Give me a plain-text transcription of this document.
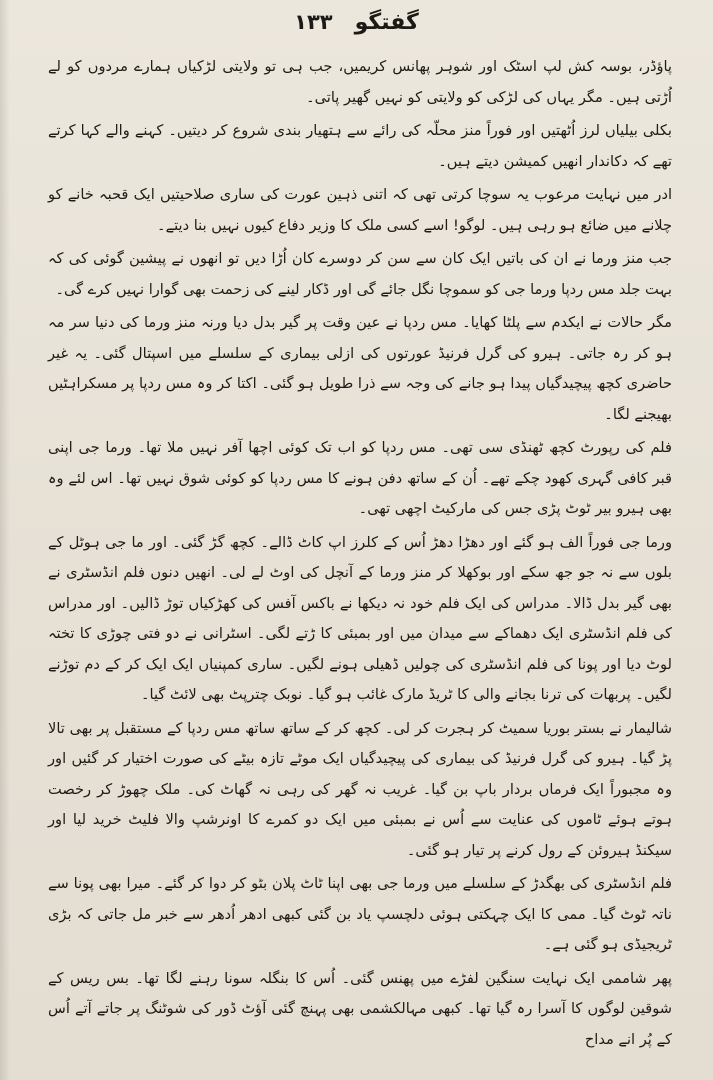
گفتگو
۱۳۳

پاؤڈر، بوسہ کش لپ اسٹک اور شوہر پھانس کریمیں، جب ہی تو ولایتی لڑکیاں ہمارے مردوں کو لے اُڑتی ہیں۔ مگر یہاں کی لڑکی کو ولایتی کو نہیں گھیر پاتی۔

بکلی بیلیاں لرز اُٹھتیں اور فوراً منز محلّہ کی رائے سے ہتھیار بندی شروع کر دیتیں۔ کہنے والے کہا کرتے تھے کہ دکاندار انھیں کمیشن دیتے ہیں۔

ادر میں نہایت مرعوب یہ سوچا کرتی تھی کہ اتنی ذہین عورت کی ساری صلاحیتیں ایک قحبہ خانے کو چلانے میں ضائع ہو رہی ہیں۔ لوگو! اسے کسی ملک کا وزیر دفاع کیوں نہیں بنا دیتے۔

جب منز ورما نے ان کی باتیں ایک کان سے سن کر دوسرے کان اُڑا دیں تو انھوں نے پیشین گوئی کی کہ بہت جلد مس ردپا ورما جی کو سموچا نگل جائے گی اور ڈکار لینے کی زحمت بھی گوارا نہیں کرے گی۔

مگر حالات نے ایکدم سے پلٹا کھایا۔ مس ردپا نے عین وقت پر گیر بدل دیا ورنہ منز ورما کی دنیا سر مہ ہو کر رہ جاتی۔ ہیرو کی گرل فرنیڈ عورتوں کی ازلی بیماری کے سلسلے میں اسپتال گئی۔ یہ غیر حاضری کچھ پیچیدگیاں پیدا ہو جانے کی وجہ سے ذرا طویل ہو گئی۔ اکتا کر وہ مس ردپا پر مسکراہٹیں بھیجنے لگا۔

فلم کی رپورٹ کچھ ٹھنڈی سی تھی۔ مس ردپا کو اب تک کوئی اچھا آفر نہیں ملا تھا۔ ورما جی اپنی قبر کافی گہری کھود چکے تھے۔ اُن کے ساتھ دفن ہونے کا مس ردپا کو کوئی شوق نہیں تھا۔ اس لئے وہ بھی ہیرو بیر ٹوٹ پڑی جس کی مارکیٹ اچھی تھی۔

ورما جی فوراً الف ہو گئے اور دھڑا دھڑ اُس کے کلرز اپ کاٹ ڈالے۔ کچھ گڑ گئی۔ اور ما جی ہوٹل کے بلوں سے نہ جو جھ سکے اور بوکھلا کر منز ورما کے آنچل کی اوٹ لے لی۔ انھیں دنوں فلم انڈسٹری نے بھی گیر بدل ڈالا۔ مدراس کی ایک فلم خود نہ دیکھا نے باکس آفس کی کھڑکیاں توڑ ڈالیں۔ اور مدراس کی فلم انڈسٹری ایک دھماکے سے میدان میں اور بمبئی کا ڑتے لگی۔ اسٹرانی نے دو فتی چوڑی کا تختہ لوٹ دیا اور پونا کی فلم انڈسٹری کی چولیں ڈھیلی ہونے لگیں۔ ساری کمپنیاں ایک ایک کر کے دم توڑنے لگیں۔ پربھات کی ترنا بجانے والی کا ٹریڈ مارک غائب ہو گیا۔ نوبک چترپٹ بھی لائٹ گیا۔

شالیمار نے بستر بوریا سمیٹ کر ہجرت کر لی۔ کچھ کر کے ساتھ ساتھ مس ردپا کے مستقبل پر بھی تالا پڑ گیا۔ ہیرو کی گرل فرنیڈ کی بیماری کی پیچیدگیاں ایک موٹے تازہ بیٹے کی صورت اختیار کر گئیں اور وہ مجبوراً ایک فرماں بردار باپ بن گیا۔ غریب نہ گھر کی رہی نہ گھاٹ کی۔ ملک چھوڑ کر رخصت ہوتے ہوئے ٹاموں کی عنایت سے اُس نے بمبئی میں ایک دو کمرے کا اونرشپ والا فلیٹ خرید لیا اور سیکنڈ ہیروئن کے رول کرنے پر تیار ہو گئی۔

فلم انڈسٹری کی بھگدڑ کے سلسلے میں ورما جی بھی اپنا ٹاٹ پلان بٹو کر دوا کر گئے۔ میرا بھی پونا سے ناتہ ٹوٹ گیا۔ ممی کا ایک چہکتی ہوئی دلچسپ یاد بن گئی کبھی ادھر اُدھر سے خبر مل جاتی کہ بڑی ٹریجیڈی ہو گئی ہے۔

پھر شاممی ایک نہایت سنگین لفڑے میں پھنس گئی۔ اُس کا بنگلہ سونا رہنے لگا تھا۔ بس ریس کے شوقین لوگوں کا آسرا رہ گیا تھا۔ کبھی مہالکشمی بھی پہنچ گئی آؤٹ ڈور کی شوٹنگ پر جاتے آتے اُس کے پُر انے مداح
